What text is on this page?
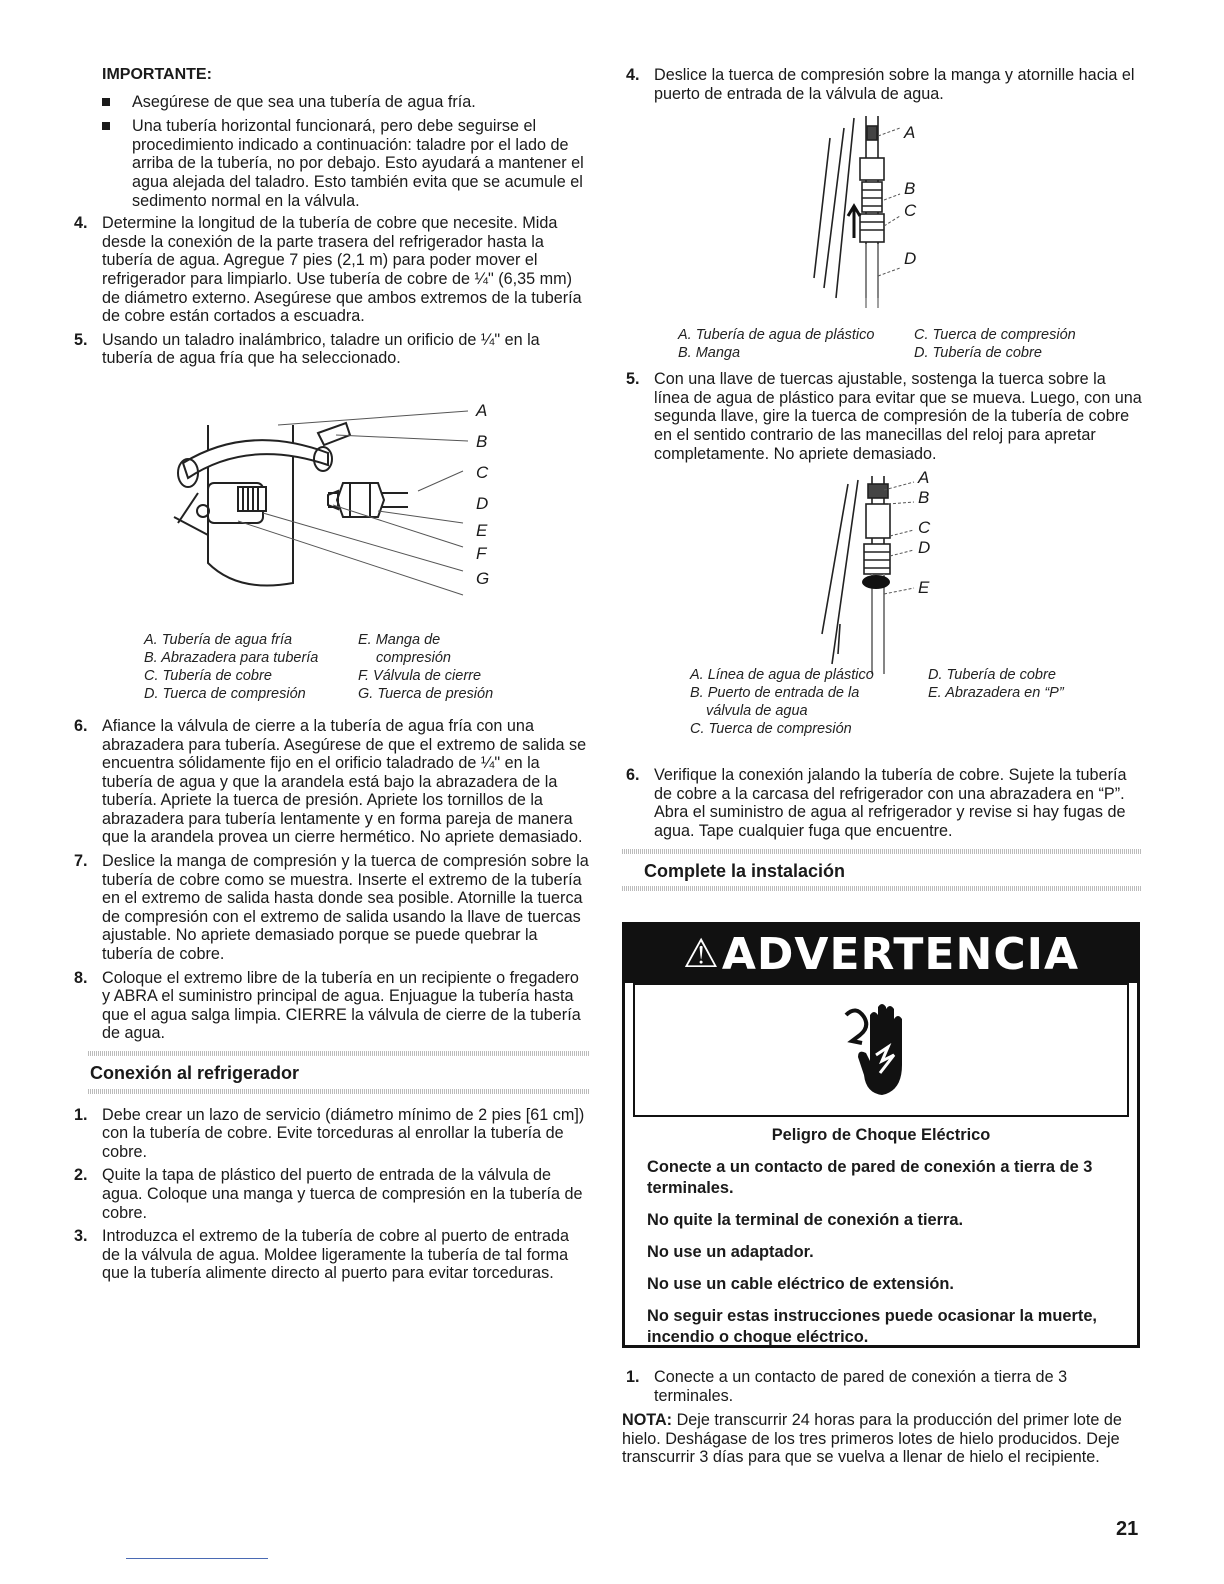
IMPORTANTE:
Asegúrese de que sea una tubería de agua fría.
Una tubería horizontal funcionará, pero debe seguirse el procedimiento indicado a continuación: taladre por el lado de arriba de la tubería, no por debajo. Esto ayudará a mantener el agua alejada del taladro. Esto también evita que se acumule el sedimento normal en la válvula.
4. Determine la longitud de la tubería de cobre que necesite. Mida desde la conexión de la parte trasera del refrigerador hasta la tubería de agua. Agregue 7 pies (2,1 m) para poder mover el refrigerador para limpiarlo. Use tubería de cobre de ¼" (6,35 mm) de diámetro externo. Asegúrese que ambos extremos de la tubería de cobre están cortados a escuadra.
5. Usando un taladro inalámbrico, taladre un orificio de ¼" en la tubería de agua fría que ha seleccionado.
A
B
C
D
E
F
G
A. Tubería de agua fría
B. Abrazadera para tubería
C. Tubería de cobre
D. Tuerca de compresión
E. Manga de
compresión
F. Válvula de cierre
G. Tuerca de presión
6. Afiance la válvula de cierre a la tubería de agua fría con una abrazadera para tubería. Asegúrese de que el extremo de salida se encuentra sólidamente fijo en el orificio taladrado de ¼" en la tubería de agua y que la arandela está bajo la abrazadera de la tubería. Apriete la tuerca de presión. Apriete los tornillos de la abrazadera para tubería lentamente y en forma pareja de manera que la arandela provea un cierre hermético. No apriete demasiado.
7. Deslice la manga de compresión y la tuerca de compresión sobre la tubería de cobre como se muestra. Inserte el extremo de la tubería en el extremo de salida hasta donde sea posible. Atornille la tuerca de compresión con el extremo de salida usando la llave de tuercas ajustable. No apriete demasiado porque se puede quebrar la tubería de cobre.
8. Coloque el extremo libre de la tubería en un recipiente o fregadero y ABRA el suministro principal de agua. Enjuague la tubería hasta que el agua salga limpia. CIERRE la válvula de cierre de la tubería de agua.
Conexión al refrigerador
1. Debe crear un lazo de servicio (diámetro mínimo de 2 pies [61 cm]) con la tubería de cobre. Evite torceduras al enrollar la tubería de cobre.
2. Quite la tapa de plástico del puerto de entrada de la válvula de agua. Coloque una manga y tuerca de compresión en la tubería de cobre.
3. Introduzca el extremo de la tubería de cobre al puerto de entrada de la válvula de agua. Moldee ligeramente la tubería de tal forma que la tubería alimente directo al puerto para evitar torceduras.
4. Deslice la tuerca de compresión sobre la manga y atornille hacia el puerto de entrada de la válvula de agua.
A
B
C
D
A. Tubería de agua de plástico
B. Manga
C. Tuerca de compresión
D. Tubería de cobre
5. Con una llave de tuercas ajustable, sostenga la tuerca sobre la línea de agua de plástico para evitar que se mueva. Luego, con una segunda llave, gire la tuerca de compresión de la tubería de cobre en el sentido contrario de las manecillas del reloj para apretar completamente. No apriete demasiado.
A
B
C
D
E
A. Línea de agua de plástico
B. Puerto de entrada de la
válvula de agua
C. Tuerca de compresión
D. Tubería de cobre
E. Abrazadera en “P”
6. Verifique la conexión jalando la tubería de cobre. Sujete la tubería de cobre a la carcasa del refrigerador con una abrazadera en “P”. Abra el suministro de agua al refrigerador y revise si hay fugas de agua. Tape cualquier fuga que encuentre.
Complete la instalación
⚠ ADVERTENCIA

Peligro de Choque Eléctrico

Conecte a un contacto de pared de conexión a tierra de 3 terminales.

No quite la terminal de conexión a tierra.

No use un adaptador.

No use un cable eléctrico de extensión.

No seguir estas instrucciones puede ocasionar la muerte, incendio o choque eléctrico.

1. Conecte a un contacto de pared de conexión a tierra de 3 terminales.
NOTA: Deje transcurrir 24 horas para la producción del primer lote de hielo. Deshágase de los tres primeros lotes de hielo producidos. Deje transcurrir 3 días para que se vuelva a llenar de hielo el recipiente.
21
